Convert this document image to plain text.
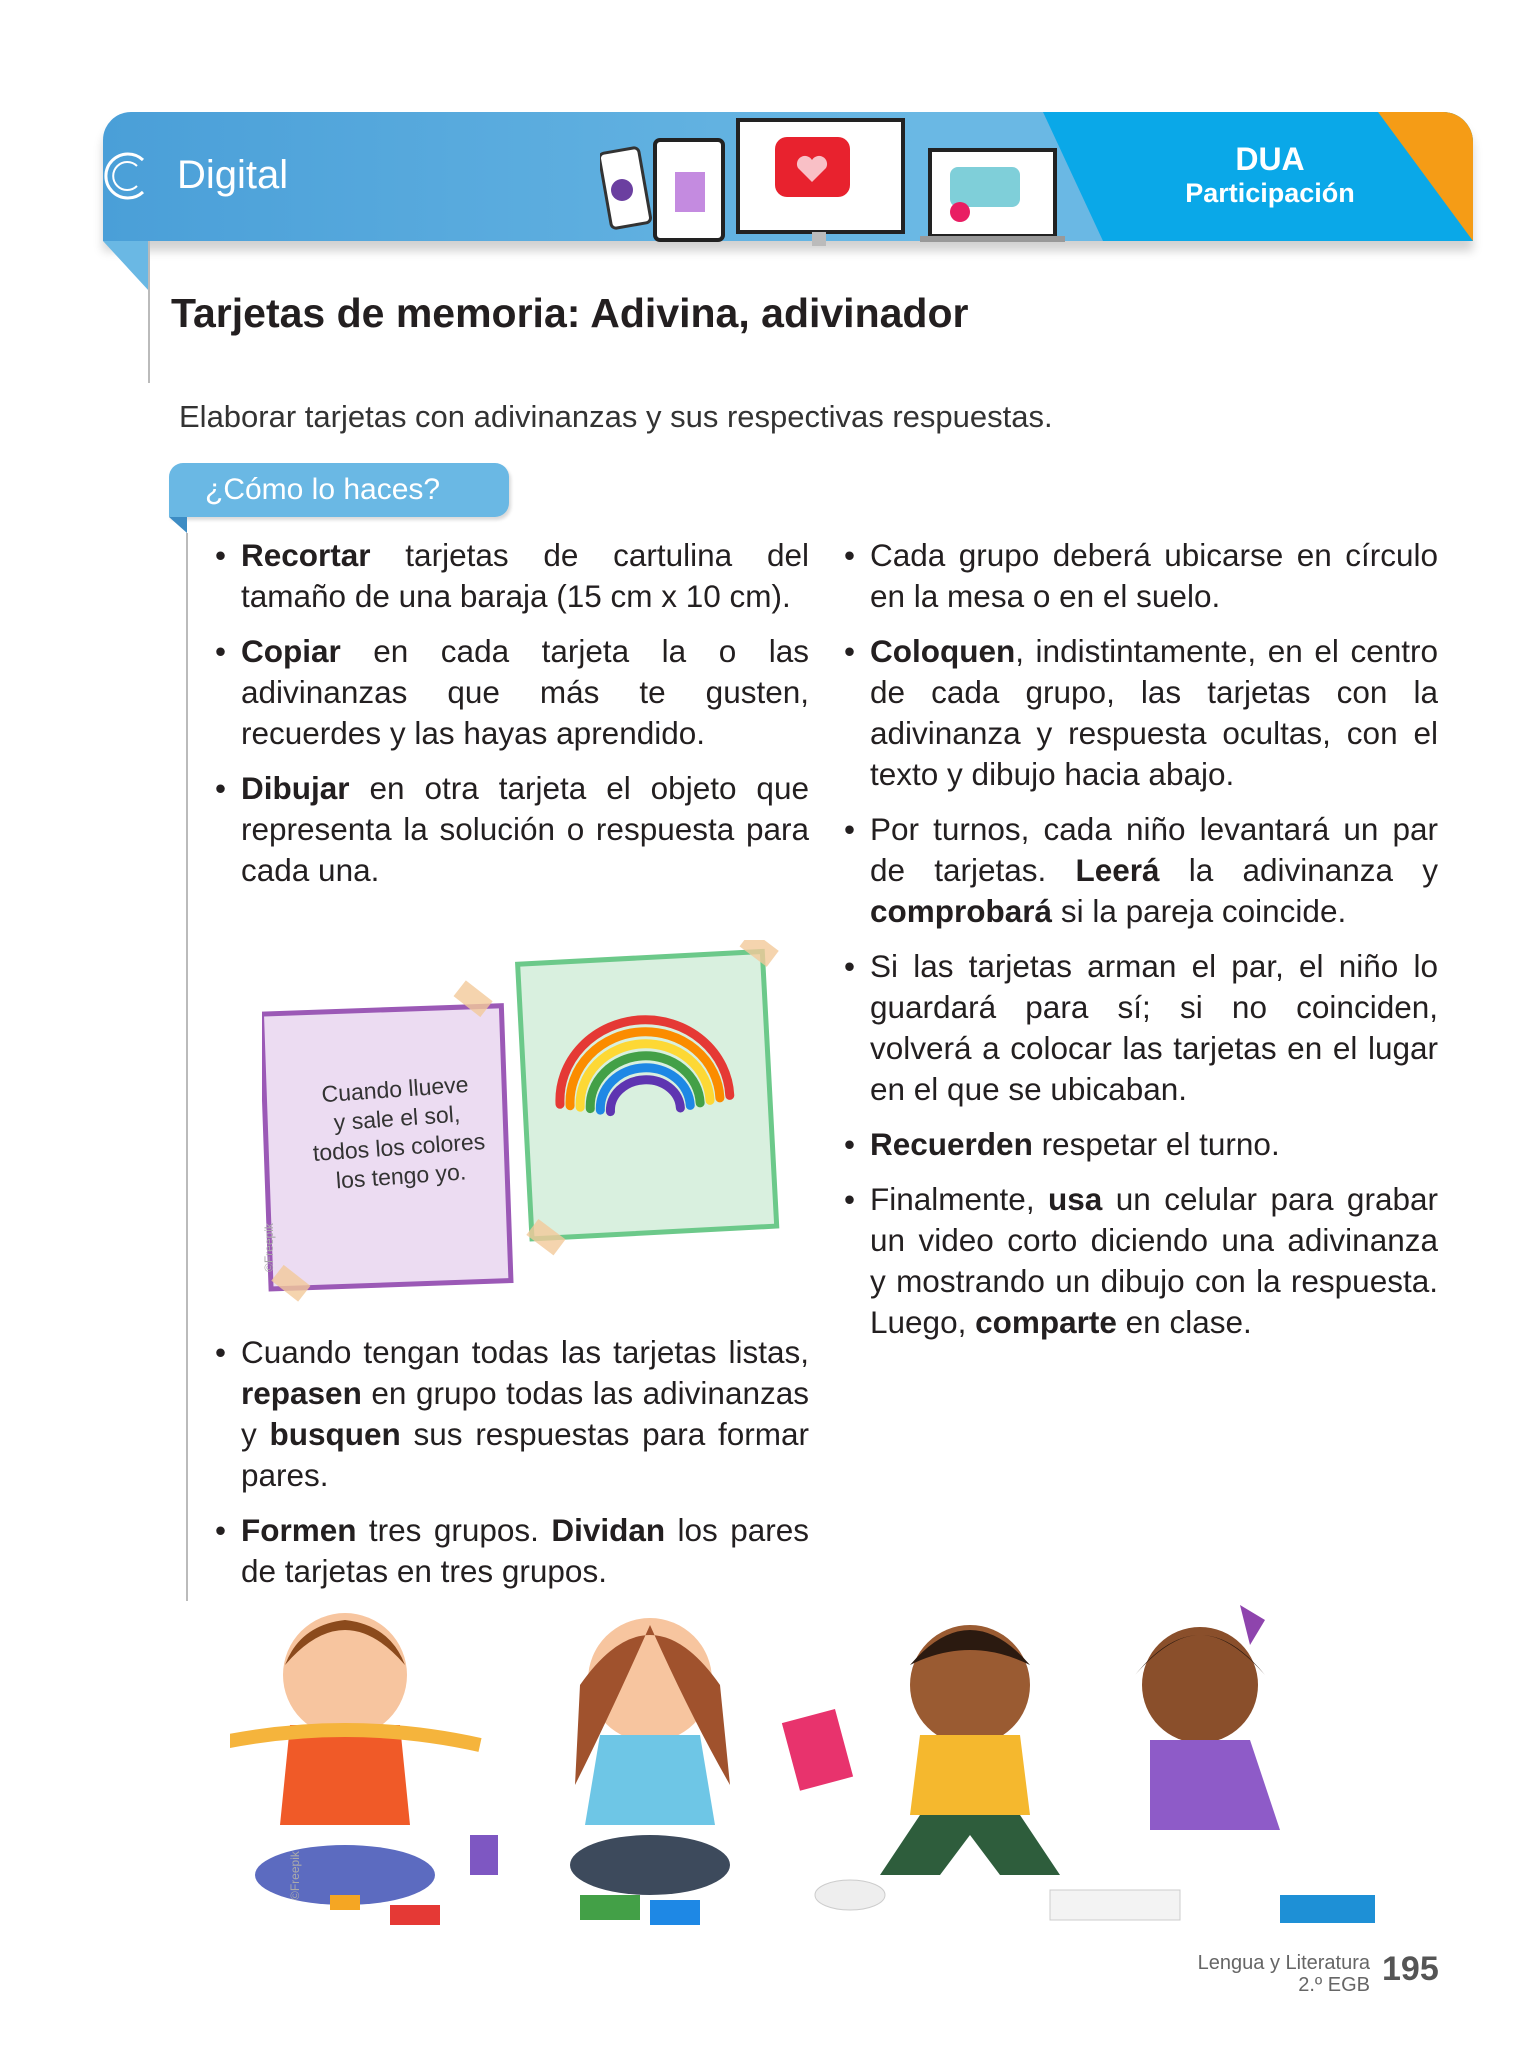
Digital	DUA
Participación
Tarjetas de memoria: Adivina, adivinador
Elaborar tarjetas con adivinanzas y sus respectivas respuestas.
¿Cómo lo haces?
• Recortar tarjetas de cartulina del tamaño de una baraja (15 cm x 10 cm).
• Copiar en cada tarjeta la o las adivinanzas que más te gusten, recuerdes y las hayas aprendido.
• Dibujar en otra tarjeta el objeto que representa la solución o respuesta para cada una.
Cuando llueve
y sale el sol,
todos los colores
los tengo yo.
©Freepik
• Cuando tengan todas las tarjetas listas, repasen en grupo todas las adivinanzas y busquen sus respuestas para formar pares.
• Formen tres grupos. Dividan los pares de tarjetas en tres grupos.
• Cada grupo deberá ubicarse en círculo en la mesa o en el suelo.
• Coloquen, indistintamente, en el centro de cada grupo, las tarjetas con la adivinanza y respuesta ocultas, con el texto y dibujo hacia abajo.
• Por turnos, cada niño levantará un par de tarjetas. Leerá la adivinanza y comprobará si la pareja coincide.
• Si las tarjetas arman el par, el niño lo guardará para sí; si no coinciden, volverá a colocar las tarjetas en el lugar en el que se ubicaban.
• Recuerden respetar el turno.
• Finalmente, usa un celular para grabar un video corto diciendo una adivinanza y mostrando un dibujo con la respuesta. Luego, comparte en clase.
©Freepik
Lengua y Literatura
2.º EGB 195
